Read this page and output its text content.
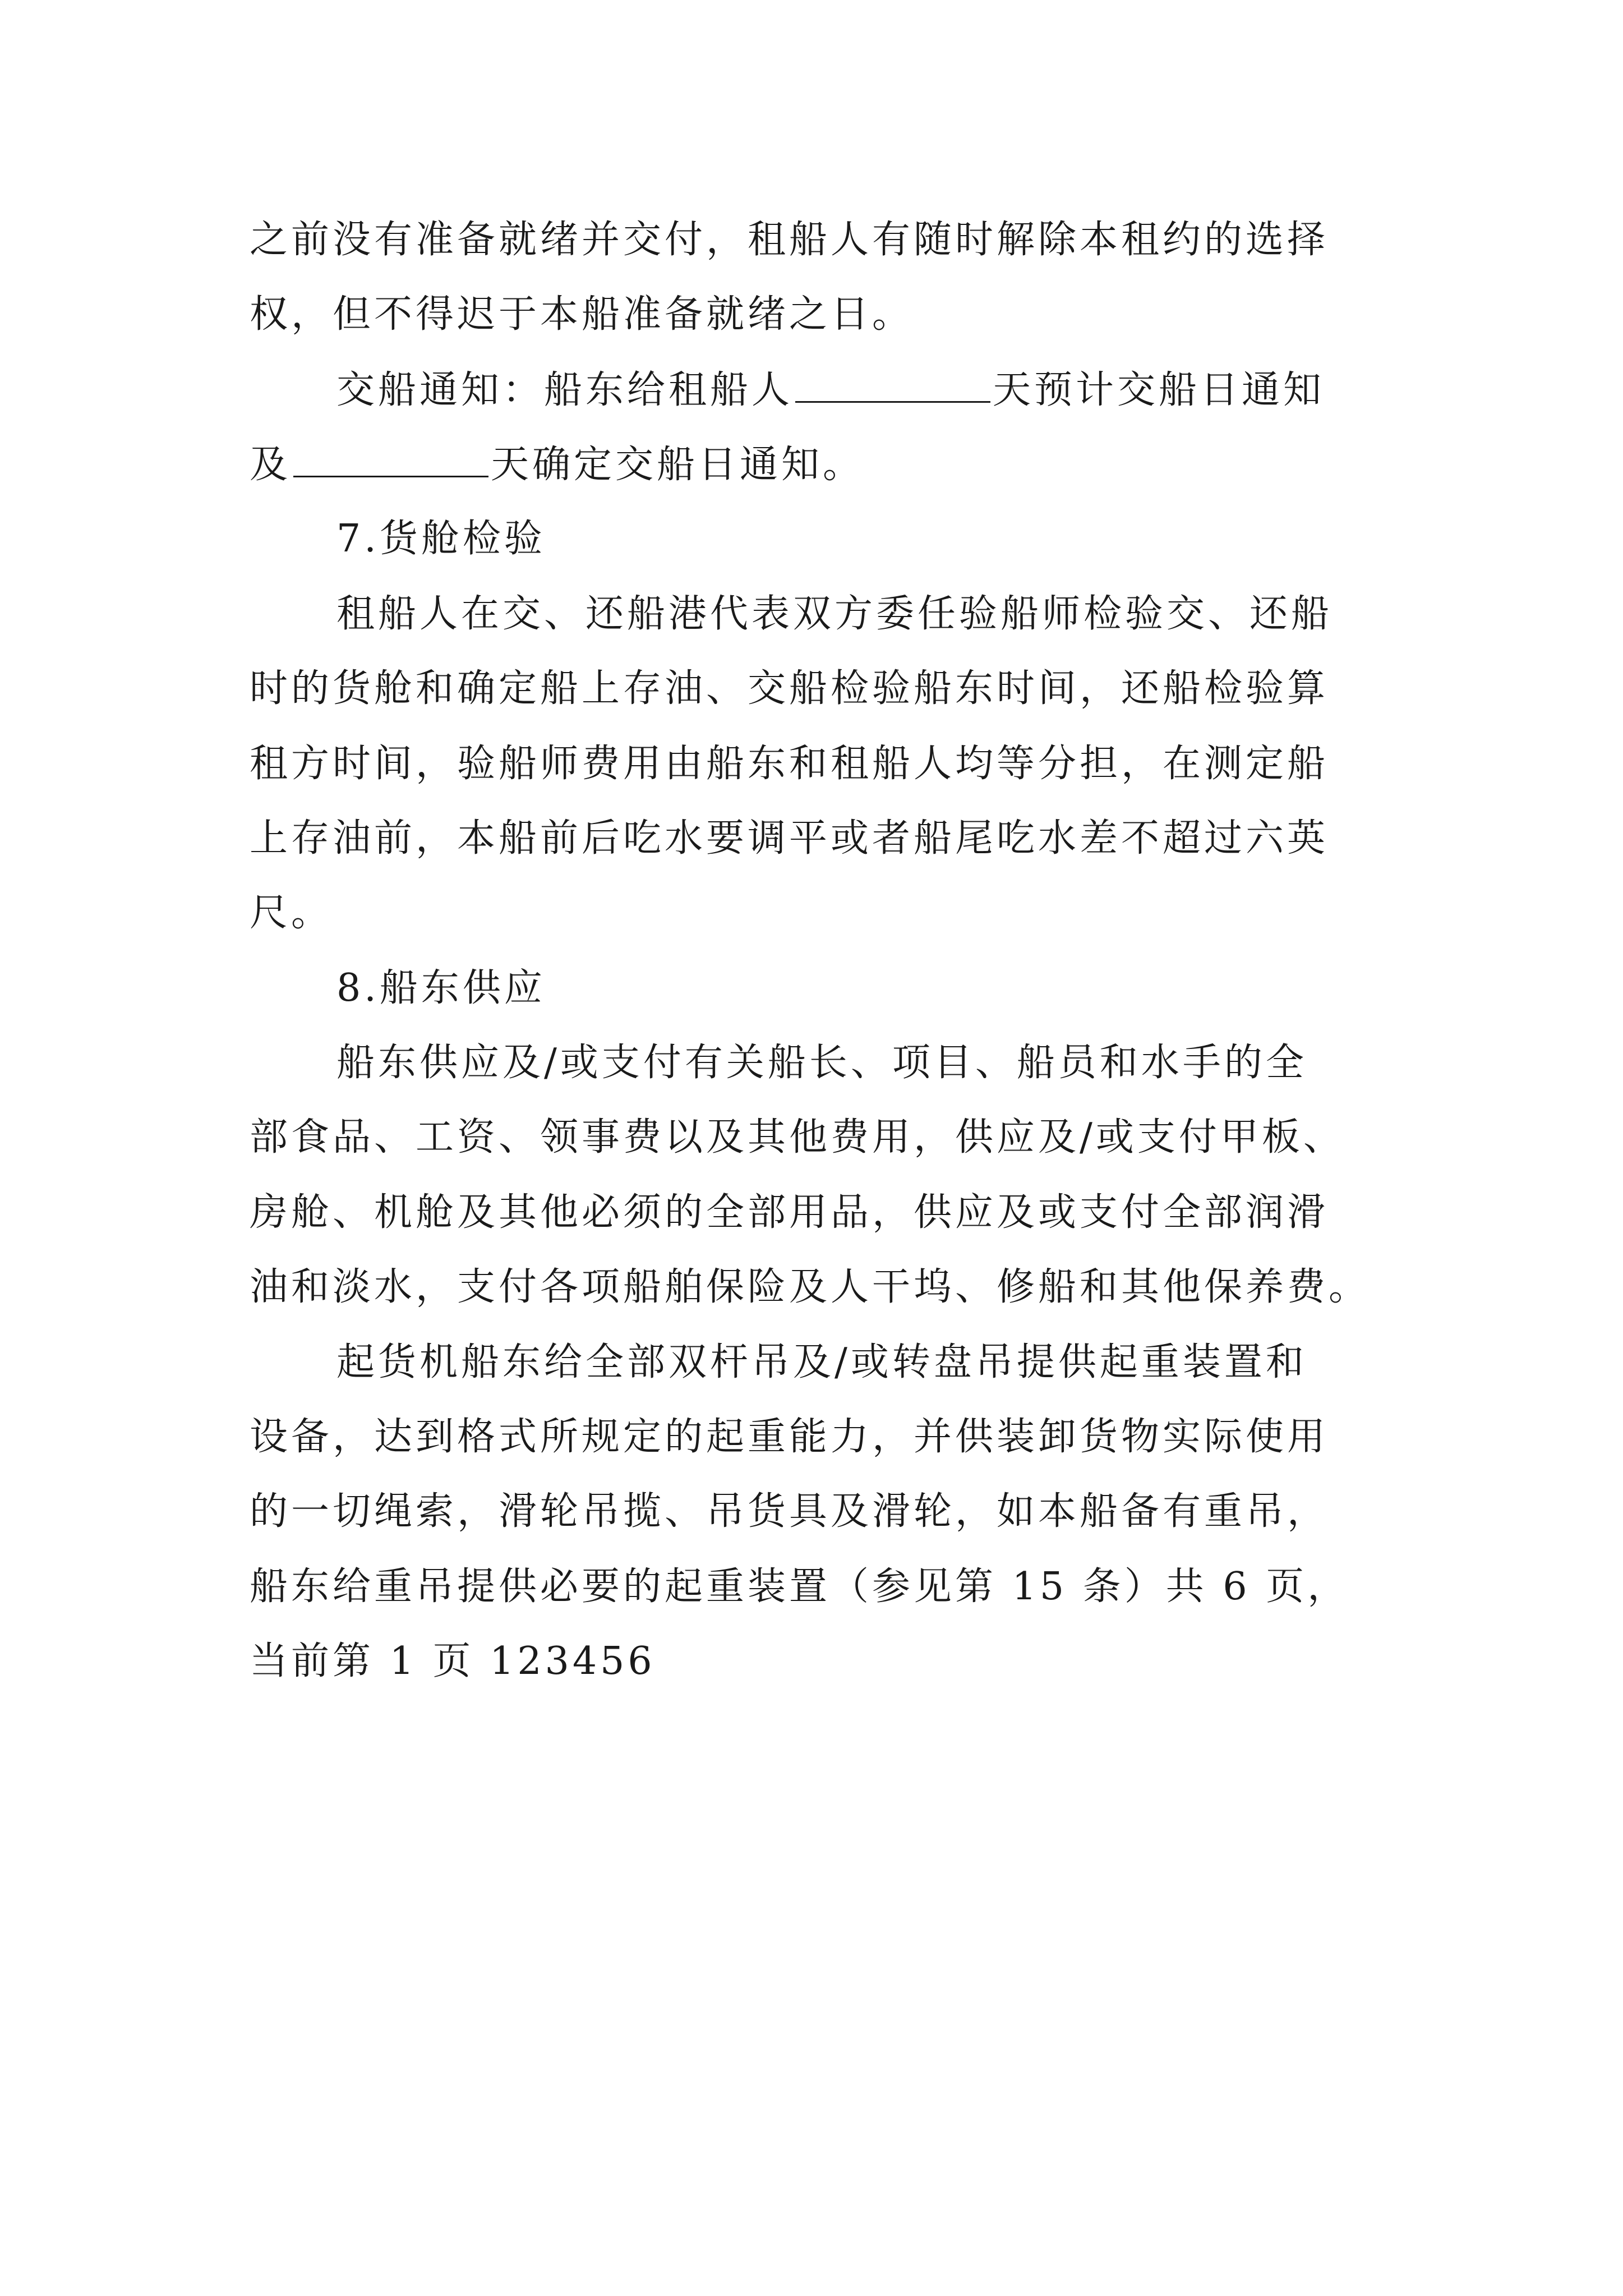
之前没有准备就绪并交付，租船人有随时解除本租约的选择
权，但不得迟于本船准备就绪之日。
交船通知：船东给租船人	天预计交船日通知
及	天确定交船日通知。
7.货舱检验
租船人在交、还船港代表双方委任验船师检验交、还船
时的货舱和确定船上存油、交船检验船东时间，还船检验算
租方时间，验船师费用由船东和租船人均等分担，在测定船
上存油前，本船前后吃水要调平或者船尾吃水差不超过六英
尺。
8.船东供应
船东供应及/或支付有关船长、项目、船员和水手的全
部食品、工资、领事费以及其他费用，供应及/或支付甲板、
房舱、机舱及其他必须的全部用品，供应及或支付全部润滑
油和淡水，支付各项船舶保险及人干坞、修船和其他保养费。
起货机船东给全部双杆吊及/或转盘吊提供起重装置和
设备，达到格式所规定的起重能力，并供装卸货物实际使用
的一切绳索，滑轮吊揽、吊货具及滑轮，如本船备有重吊，
船东给重吊提供必要的起重装置（参见第 15 条）共 6 页，
当前第 1 页 123456
